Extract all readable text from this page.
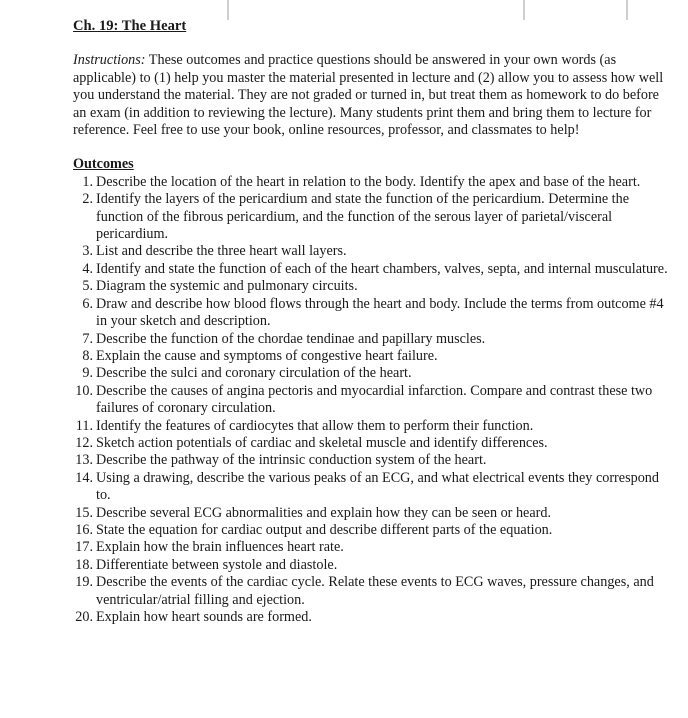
Ch. 19: The Heart

Instructions: These outcomes and practice questions should be answered in your own words (as applicable) to (1) help you master the material presented in lecture and (2) allow you to assess how well you understand the material. They are not graded or turned in, but treat them as homework to do before an exam (in addition to reviewing the lecture). Many students print them and bring them to lecture for reference. Feel free to use your book, online resources, professor, and classmates to help!

Outcomes

1. Describe the location of the heart in relation to the body. Identify the apex and base of the heart.
2. Identify the layers of the pericardium and state the function of the pericardium. Determine the function of the fibrous pericardium, and the function of the serous layer of parietal/visceral pericardium.
3. List and describe the three heart wall layers.
4. Identify and state the function of each of the heart chambers, valves, septa, and internal musculature.
5. Diagram the systemic and pulmonary circuits.
6. Draw and describe how blood flows through the heart and body. Include the terms from outcome #4 in your sketch and description.
7. Describe the function of the chordae tendinae and papillary muscles.
8. Explain the cause and symptoms of congestive heart failure.
9. Describe the sulci and coronary circulation of the heart.
10. Describe the causes of angina pectoris and myocardial infarction. Compare and contrast these two failures of coronary circulation.
11. Identify the features of cardiocytes that allow them to perform their function.
12. Sketch action potentials of cardiac and skeletal muscle and identify differences.
13. Describe the pathway of the intrinsic conduction system of the heart.
14. Using a drawing, describe the various peaks of an ECG, and what electrical events they correspond to.
15. Describe several ECG abnormalities and explain how they can be seen or heard.
16. State the equation for cardiac output and describe different parts of the equation.
17. Explain how the brain influences heart rate.
18. Differentiate between systole and diastole.
19. Describe the events of the cardiac cycle. Relate these events to ECG waves, pressure changes, and ventricular/atrial filling and ejection.
20. Explain how heart sounds are formed.
